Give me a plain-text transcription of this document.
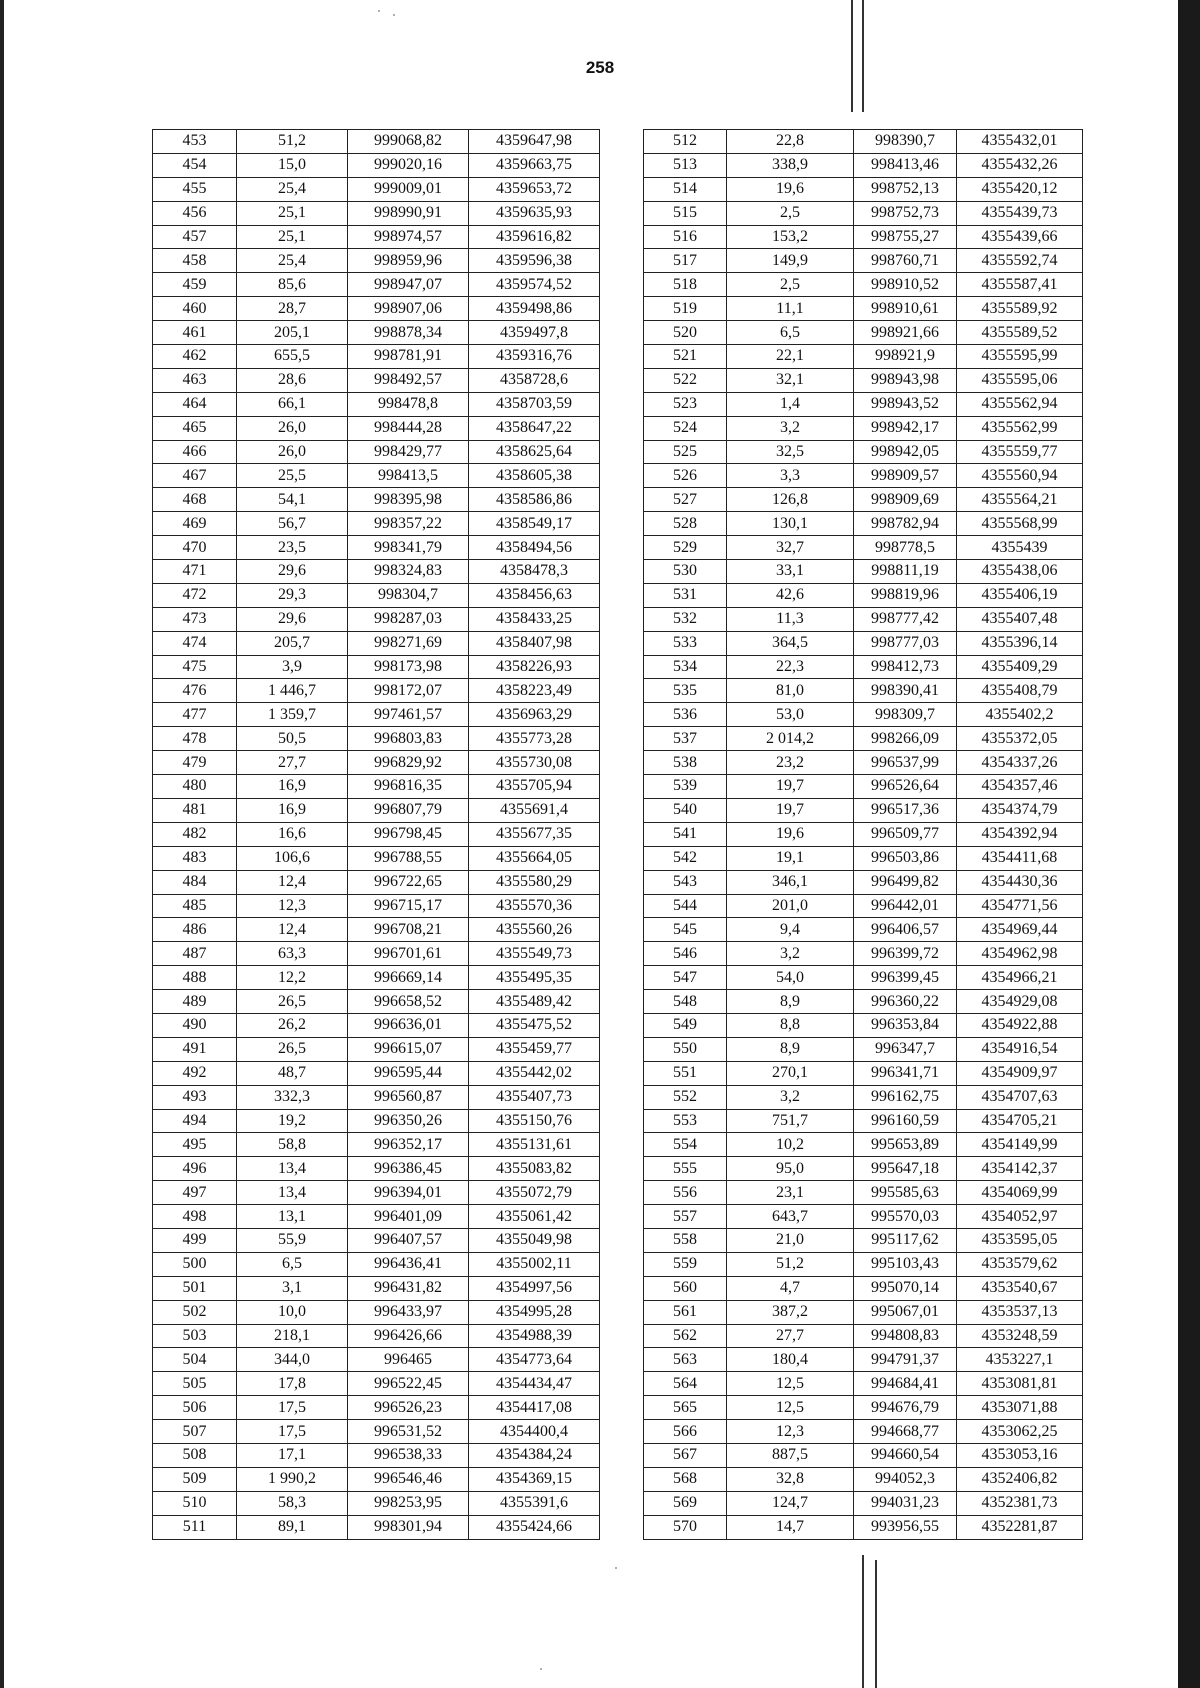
258
453	51,2	999068,82	4359647,98
454	15,0	999020,16	4359663,75
455	25,4	999009,01	4359653,72
456	25,1	998990,91	4359635,93
457	25,1	998974,57	4359616,82
458	25,4	998959,96	4359596,38
459	85,6	998947,07	4359574,52
460	28,7	998907,06	4359498,86
461	205,1	998878,34	4359497,8
462	655,5	998781,91	4359316,76
463	28,6	998492,57	4358728,6
464	66,1	998478,8	4358703,59
465	26,0	998444,28	4358647,22
466	26,0	998429,77	4358625,64
467	25,5	998413,5	4358605,38
468	54,1	998395,98	4358586,86
469	56,7	998357,22	4358549,17
470	23,5	998341,79	4358494,56
471	29,6	998324,83	4358478,3
472	29,3	998304,7	4358456,63
473	29,6	998287,03	4358433,25
474	205,7	998271,69	4358407,98
475	3,9	998173,98	4358226,93
476	1 446,7	998172,07	4358223,49
477	1 359,7	997461,57	4356963,29
478	50,5	996803,83	4355773,28
479	27,7	996829,92	4355730,08
480	16,9	996816,35	4355705,94
481	16,9	996807,79	4355691,4
482	16,6	996798,45	4355677,35
483	106,6	996788,55	4355664,05
484	12,4	996722,65	4355580,29
485	12,3	996715,17	4355570,36
486	12,4	996708,21	4355560,26
487	63,3	996701,61	4355549,73
488	12,2	996669,14	4355495,35
489	26,5	996658,52	4355489,42
490	26,2	996636,01	4355475,52
491	26,5	996615,07	4355459,77
492	48,7	996595,44	4355442,02
493	332,3	996560,87	4355407,73
494	19,2	996350,26	4355150,76
495	58,8	996352,17	4355131,61
496	13,4	996386,45	4355083,82
497	13,4	996394,01	4355072,79
498	13,1	996401,09	4355061,42
499	55,9	996407,57	4355049,98
500	6,5	996436,41	4355002,11
501	3,1	996431,82	4354997,56
502	10,0	996433,97	4354995,28
503	218,1	996426,66	4354988,39
504	344,0	996465	4354773,64
505	17,8	996522,45	4354434,47
506	17,5	996526,23	4354417,08
507	17,5	996531,52	4354400,4
508	17,1	996538,33	4354384,24
509	1 990,2	996546,46	4354369,15
510	58,3	998253,95	4355391,6
511	89,1	998301,94	4355424,66
512	22,8	998390,7	4355432,01
513	338,9	998413,46	4355432,26
514	19,6	998752,13	4355420,12
515	2,5	998752,73	4355439,73
516	153,2	998755,27	4355439,66
517	149,9	998760,71	4355592,74
518	2,5	998910,52	4355587,41
519	11,1	998910,61	4355589,92
520	6,5	998921,66	4355589,52
521	22,1	998921,9	4355595,99
522	32,1	998943,98	4355595,06
523	1,4	998943,52	4355562,94
524	3,2	998942,17	4355562,99
525	32,5	998942,05	4355559,77
526	3,3	998909,57	4355560,94
527	126,8	998909,69	4355564,21
528	130,1	998782,94	4355568,99
529	32,7	998778,5	4355439
530	33,1	998811,19	4355438,06
531	42,6	998819,96	4355406,19
532	11,3	998777,42	4355407,48
533	364,5	998777,03	4355396,14
534	22,3	998412,73	4355409,29
535	81,0	998390,41	4355408,79
536	53,0	998309,7	4355402,2
537	2 014,2	998266,09	4355372,05
538	23,2	996537,99	4354337,26
539	19,7	996526,64	4354357,46
540	19,7	996517,36	4354374,79
541	19,6	996509,77	4354392,94
542	19,1	996503,86	4354411,68
543	346,1	996499,82	4354430,36
544	201,0	996442,01	4354771,56
545	9,4	996406,57	4354969,44
546	3,2	996399,72	4354962,98
547	54,0	996399,45	4354966,21
548	8,9	996360,22	4354929,08
549	8,8	996353,84	4354922,88
550	8,9	996347,7	4354916,54
551	270,1	996341,71	4354909,97
552	3,2	996162,75	4354707,63
553	751,7	996160,59	4354705,21
554	10,2	995653,89	4354149,99
555	95,0	995647,18	4354142,37
556	23,1	995585,63	4354069,99
557	643,7	995570,03	4354052,97
558	21,0	995117,62	4353595,05
559	51,2	995103,43	4353579,62
560	4,7	995070,14	4353540,67
561	387,2	995067,01	4353537,13
562	27,7	994808,83	4353248,59
563	180,4	994791,37	4353227,1
564	12,5	994684,41	4353081,81
565	12,5	994676,79	4353071,88
566	12,3	994668,77	4353062,25
567	887,5	994660,54	4353053,16
568	32,8	994052,3	4352406,82
569	124,7	994031,23	4352381,73
570	14,7	993956,55	4352281,87
